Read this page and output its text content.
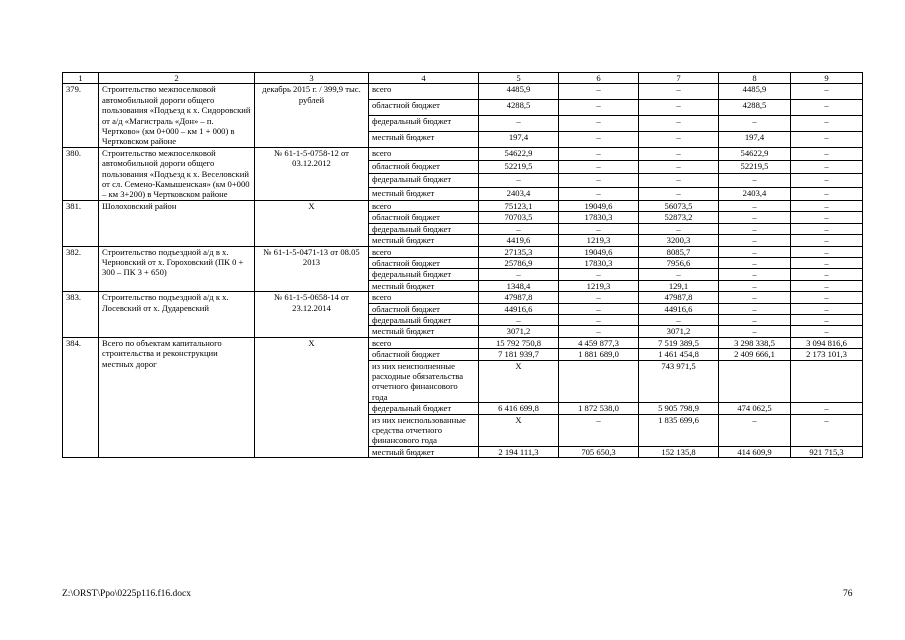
1	2	3	4	5	6	7	8	9
379.	Строительство межпоселковой автомобильной дороги общего пользования «Подъезд к х. Сидоровский от а/д «Магистраль «Дон» – п. Чертково» (км 0+000 – км 1 + 000) в Чертковском районе	декабрь 2015 г. / 399,9 тыс. рублей	всего	4485,9	–	–	4485,9	–
			областной бюджет	4288,5	–	–	4288,5	–
			федеральный бюджет	–	–	–	–	–
			местный бюджет	197,4	–	–	197,4	–
380.	Строительство межпоселковой автомобильной дороги общего пользования «Подъезд к х. Веселовский от сл. Семено-Камышенская» (км 0+000 – км 3+200) в Чертковском районе	№ 61-1-5-0758-12 от 03.12.2012	всего	54622,9	–	–	54622,9	–
			областной бюджет	52219,5	–	–	52219,5	–
			федеральный бюджет	–	–	–	–	–
			местный бюджет	2403,4	–	–	2403,4	–
381.	Шолоховский район	Х	всего	75123,1	19049,6	56073,5	–	–
			областной бюджет	70703,5	17830,3	52873,2	–	–
			федеральный бюджет	–	–	–	–	–
			местный бюджет	4419,6	1219,3	3200,3	–	–
382.	Строительство подъездной а/д в х. Черновский от х. Гороховский (ПК 0 + 300 – ПК 3 + 650)	№ 61-1-5-0471-13 от 08.05 2013	всего	27135,3	19049,6	8085,7	–	–
			областной бюджет	25786,9	17830,3	7956,6	–	–
			федеральный бюджет	–	–	–	–	–
			местный бюджет	1348,4	1219,3	129,1	–	–
383.	Строительство подъездной а/д к х. Лосевский от х. Дударевский	№ 61-1-5-0658-14 от 23.12.2014	всего	47987,8	–	47987,8	–	–
			областной бюджет	44916,6	–	44916,6	–	–
			федеральный бюджет	–	–	–	–	–
			местный бюджет	3071,2	–	3071,2	–	–
384.	Всего по объектам капитального строительства и реконструкции местных дорог	Х	всего	15 792 750,8	4 459 877,3	7 519 389,5	3 298 338,5	3 094 816,6
			областной бюджет	7 181 939,7	1 881 689,0	1 461 454,8	2 409 666,1	2 173 101,3
			из них неисполненные расходные обязательства отчетного финансового года	Х		743 971,5		
			федеральный бюджет	6 416 699,8	1 872 538,0	5 905 798,9	474 062,5	–
			из них неиспользованные средства отчетного финансового года	Х	–	1 835 699,6	–	–
			местный бюджет	2 194 111,3	705 650,3	152 135,8	414 609,9	921 715,3
Z:\ORST\Ppo\0225p116.f16.docx	76
